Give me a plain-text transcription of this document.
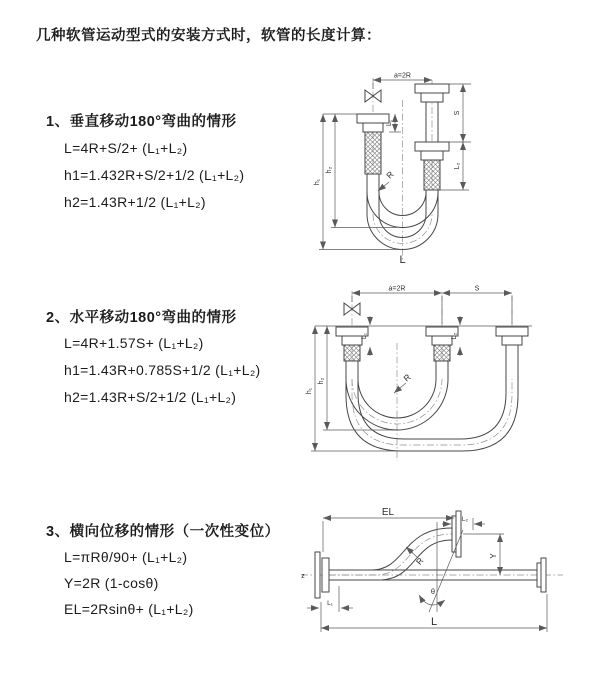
几种软管运动型式的安装方式时，软管的长度计算：
1、垂直移动180°弯曲的情形
L=4R+S/2+ (L₁+L₂)
h1=1.432R+S/2+1/2 (L₁+L₂)
h2=1.43R+1/2 (L₁+L₂)
2、水平移动180°弯曲的情形
L=4R+1.57S+ (L₁+L₂)
h1=1.43R+0.785S+1/2 (L₁+L₂)
h2=1.43R+S/2+1/2 (L₁+L₂)
3、横向位移的情形（一次性变位）
L=πRθ/90+ (L₁+L₂)
Y=2R (1-cosθ)
EL=2Rsinθ+ (L₁+L₂)
a=2R
h₁
h₂
S
L₂
L₁
R
L
a=2R	S
h₁
h₂
L₁	L₂
R
EL
L₂
Y
R
θ
L
L₁
z
